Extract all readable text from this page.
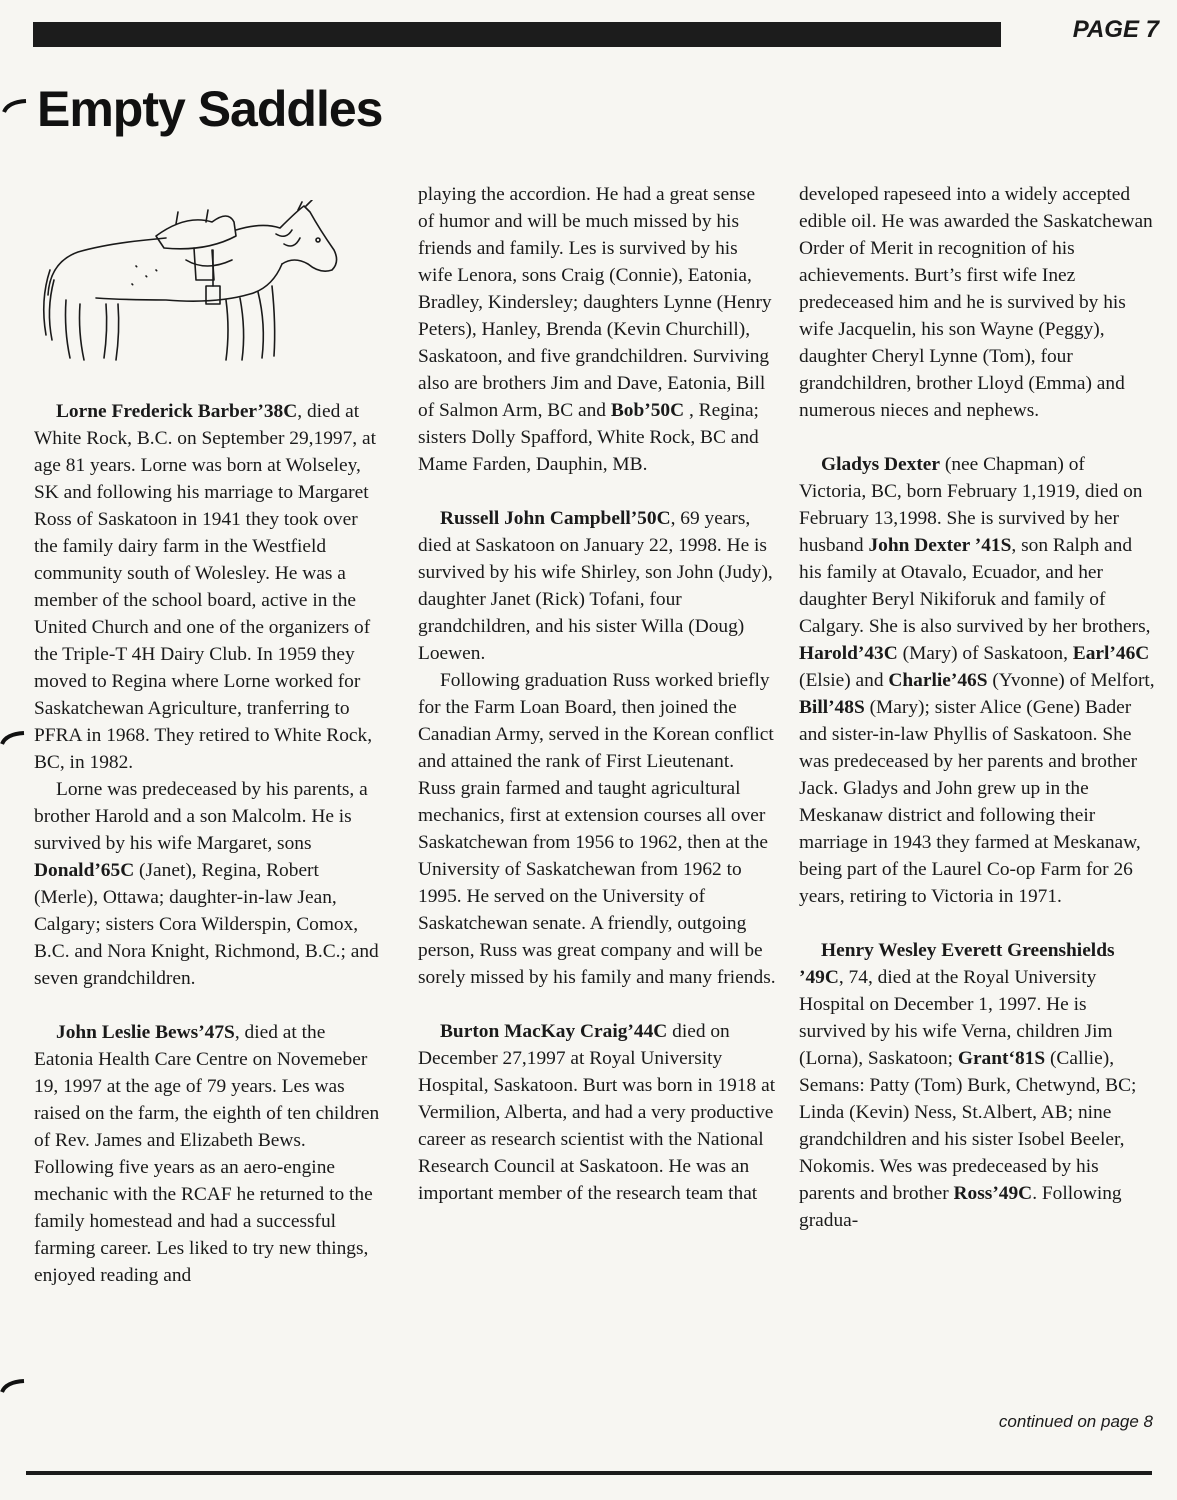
PAGE 7
Empty Saddles

Lorne Frederick Barber’38C, died at White Rock, B.C. on September 29,1997, at age 81 years. Lorne was born at Wolseley, SK and following his marriage to Margaret Ross of Saskatoon in 1941 they took over the family dairy farm in the Westfield community south of Wolesley. He was a member of the school board, active in the United Church and one of the organizers of the Triple-T 4H Dairy Club. In 1959 they moved to Regina where Lorne worked for Saskatchewan Agriculture, tranferring to PFRA in 1968. They retired to White Rock, BC, in 1982.

Lorne was predeceased by his parents, a brother Harold and a son Malcolm. He is survived by his wife Margaret, sons Donald’65C (Janet), Regina, Robert (Merle), Ottawa; daughter-in-law Jean, Calgary; sisters Cora Wilderspin, Comox, B.C. and Nora Knight, Richmond, B.C.; and seven grandchildren.

John Leslie Bews’47S, died at the Eatonia Health Care Centre on Novemeber 19, 1997 at the age of 79 years. Les was raised on the farm, the eighth of ten children of Rev. James and Elizabeth Bews. Following five years as an aero-engine mechanic with the RCAF he returned to the family homestead and had a successful farming career. Les liked to try new things, enjoyed reading and

playing the accordion. He had a great sense of humor and will be much missed by his friends and family. Les is survived by his wife Lenora, sons Craig (Connie), Eatonia, Bradley, Kindersley; daughters Lynne (Henry Peters), Hanley, Brenda (Kevin Churchill), Saskatoon, and five grandchildren. Surviving also are brothers Jim and Dave, Eatonia, Bill of Salmon Arm, BC and Bob’50C , Regina; sisters Dolly Spafford, White Rock, BC and Mame Farden, Dauphin, MB.

Russell John Campbell’50C, 69 years, died at Saskatoon on January 22, 1998. He is survived by his wife Shirley, son John (Judy), daughter Janet (Rick) Tofani, four grandchildren, and his sister Willa (Doug) Loewen.

Following graduation Russ worked briefly for the Farm Loan Board, then joined the Canadian Army, served in the Korean conflict and attained the rank of First Lieutenant. Russ grain farmed and taught agricultural mechanics, first at extension courses all over Saskatchewan from 1956 to 1962, then at the University of Saskatchewan from 1962 to 1995. He served on the University of Saskatchewan senate. A friendly, outgoing person, Russ was great company and will be sorely missed by his family and many friends.

Burton MacKay Craig’44C died on December 27,1997 at Royal University Hospital, Saskatoon. Burt was born in 1918 at Vermilion, Alberta, and had a very productive career as research scientist with the National Research Council at Saskatoon. He was an important member of the research team that

developed rapeseed into a widely accepted edible oil. He was awarded the Saskatchewan Order of Merit in recognition of his achievements. Burt’s first wife Inez predeceased him and he is survived by his wife Jacquelin, his son Wayne (Peggy), daughter Cheryl Lynne (Tom), four grandchildren, brother Lloyd (Emma) and numerous nieces and nephews.

Gladys Dexter (nee Chapman) of Victoria, BC, born February 1,1919, died on February 13,1998. She is survived by her husband John Dexter ’41S, son Ralph and his family at Otavalo, Ecuador, and her daughter Beryl Nikiforuk and family of Calgary. She is also survived by her brothers, Harold’43C (Mary) of Saskatoon, Earl’46C (Elsie) and Charlie’46S (Yvonne) of Melfort, Bill’48S (Mary); sister Alice (Gene) Bader and sister-in-law Phyllis of Saskatoon. She was predeceased by her parents and brother Jack. Gladys and John grew up in the Meskanaw district and following their marriage in 1943 they farmed at Meskanaw, being part of the Laurel Co-op Farm for 26 years, retiring to Victoria in 1971.

Henry Wesley Everett Greenshields ’49C, 74, died at the Royal University Hospital on December 1, 1997. He is survived by his wife Verna, children Jim (Lorna), Saskatoon; Grant‘81S (Callie), Semans: Patty (Tom) Burk, Chetwynd, BC; Linda (Kevin) Ness, St.Albert, AB; nine grandchildren and his sister Isobel Beeler, Nokomis. Wes was predeceased by his parents and brother Ross’49C. Following gradua-

continued on page 8
